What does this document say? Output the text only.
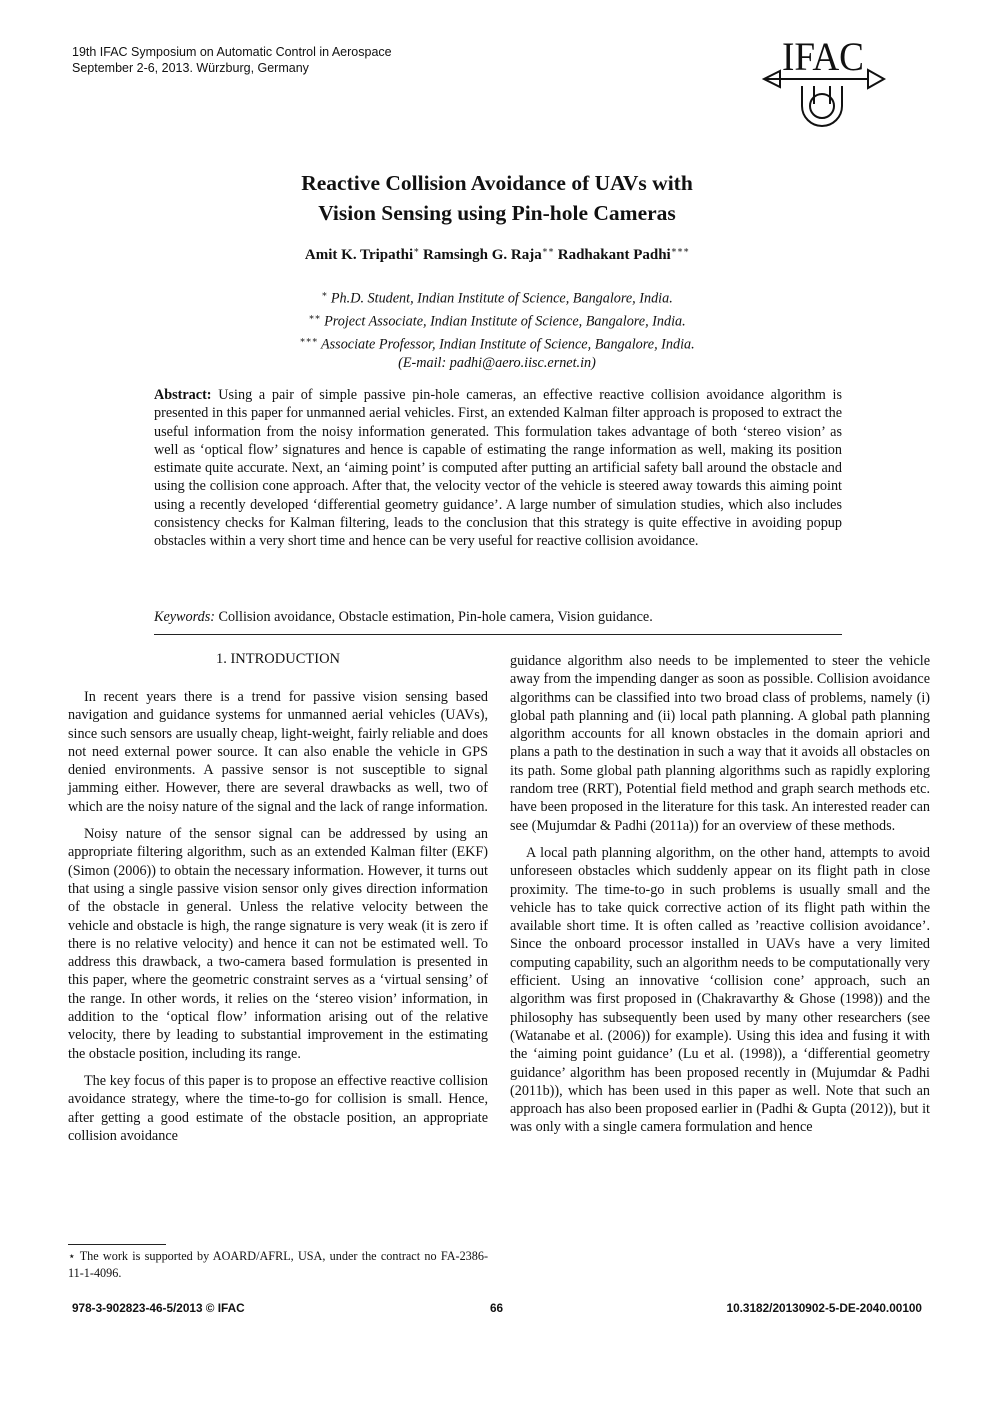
19th IFAC Symposium on Automatic Control in Aerospace
September 2-6, 2013. Würzburg, Germany	IFAC
Reactive Collision Avoidance of UAVs with
Vision Sensing using Pin-hole Cameras
Amit K. Tripathi∗ Ramsingh G. Raja∗∗ Radhakant Padhi∗∗∗
∗ Ph.D. Student, Indian Institute of Science, Bangalore, India.
∗∗ Project Associate, Indian Institute of Science, Bangalore, India.
∗∗∗ Associate Professor, Indian Institute of Science, Bangalore, India.
(E-mail: padhi@aero.iisc.ernet.in)
Abstract: Using a pair of simple passive pin-hole cameras, an effective reactive collision avoidance algorithm is presented in this paper for unmanned aerial vehicles. First, an extended Kalman filter approach is proposed to extract the useful information from the noisy information generated. This formulation takes advantage of both ‘stereo vision’ as well as ‘optical flow’ signatures and hence is capable of estimating the range information as well, making its position estimate quite accurate. Next, an ‘aiming point’ is computed after putting an artificial safety ball around the obstacle and using the collision cone approach. After that, the velocity vector of the vehicle is steered away towards this aiming point using a recently developed ‘differential geometry guidance’. A large number of simulation studies, which also includes consistency checks for Kalman filtering, leads to the conclusion that this strategy is quite effective in avoiding popup obstacles within a very short time and hence can be very useful for reactive collision avoidance.
Keywords: Collision avoidance, Obstacle estimation, Pin-hole camera, Vision guidance.
1. INTRODUCTION

In recent years there is a trend for passive vision sensing based navigation and guidance systems for unmanned aerial vehicles (UAVs), since such sensors are usually cheap, light-weight, fairly reliable and does not need external power source. It can also enable the vehicle in GPS denied environments. A passive sensor is not susceptible to signal jamming either. However, there are several drawbacks as well, two of which are the noisy nature of the signal and the lack of range information.

Noisy nature of the sensor signal can be addressed by using an appropriate filtering algorithm, such as an extended Kalman filter (EKF) (Simon (2006)) to obtain the necessary information. However, it turns out that using a single passive vision sensor only gives direction information of the obstacle in general. Unless the relative velocity between the vehicle and obstacle is high, the range signature is very weak (it is zero if there is no relative velocity) and hence it can not be estimated well. To address this drawback, a two-camera based formulation is presented in this paper, where the geometric constraint serves as a ‘virtual sensing’ of the range. In other words, it relies on the ‘stereo vision’ information, in addition to the ‘optical flow’ information arising out of the relative velocity, there by leading to substantial improvement in the estimating the obstacle position, including its range.

The key focus of this paper is to propose an effective reactive collision avoidance strategy, where the time-to-go for collision is small. Hence, after getting a good estimate of the obstacle position, an appropriate collision avoidance

guidance algorithm also needs to be implemented to steer the vehicle away from the impending danger as soon as possible. Collision avoidance algorithms can be classified into two broad class of problems, namely (i) global path planning and (ii) local path planning. A global path planning algorithm accounts for all known obstacles in the domain apriori and plans a path to the destination in such a way that it avoids all obstacles on its path. Some global path planning algorithms such as rapidly exploring random tree (RRT), Potential field method and graph search methods etc. have been proposed in the literature for this task. An interested reader can see (Mujumdar & Padhi (2011a)) for an overview of these methods.

A local path planning algorithm, on the other hand, attempts to avoid unforeseen obstacles which suddenly appear on its flight path in close proximity. The time-to-go in such problems is usually small and the vehicle has to take quick corrective action of its flight path within the available short time. It is often called as ’reactive collision avoidance’. Since the onboard processor installed in UAVs have a very limited computing capability, such an algorithm needs to be computationally very efficient. Using an innovative ‘collision cone’ approach, such an algorithm was first proposed in (Chakravarthy & Ghose (1998)) and the philosophy has subsequently been used by many other researchers (see (Watanabe et al. (2006)) for example). Using this idea and fusing it with the ‘aiming point guidance’ (Lu et al. (1998)), a ‘differential geometry guidance’ algorithm has been proposed recently in (Mujumdar & Padhi (2011b)), which has been used in this paper as well. Note that such an approach has also been proposed earlier in (Padhi & Gupta (2012)), but it was only with a single camera formulation and hence

⋆ The work is supported by AOARD/AFRL, USA, under the contract no FA-2386-11-1-4096.
978-3-902823-46-5/2013 © IFAC	66	10.3182/20130902-5-DE-2040.00100
